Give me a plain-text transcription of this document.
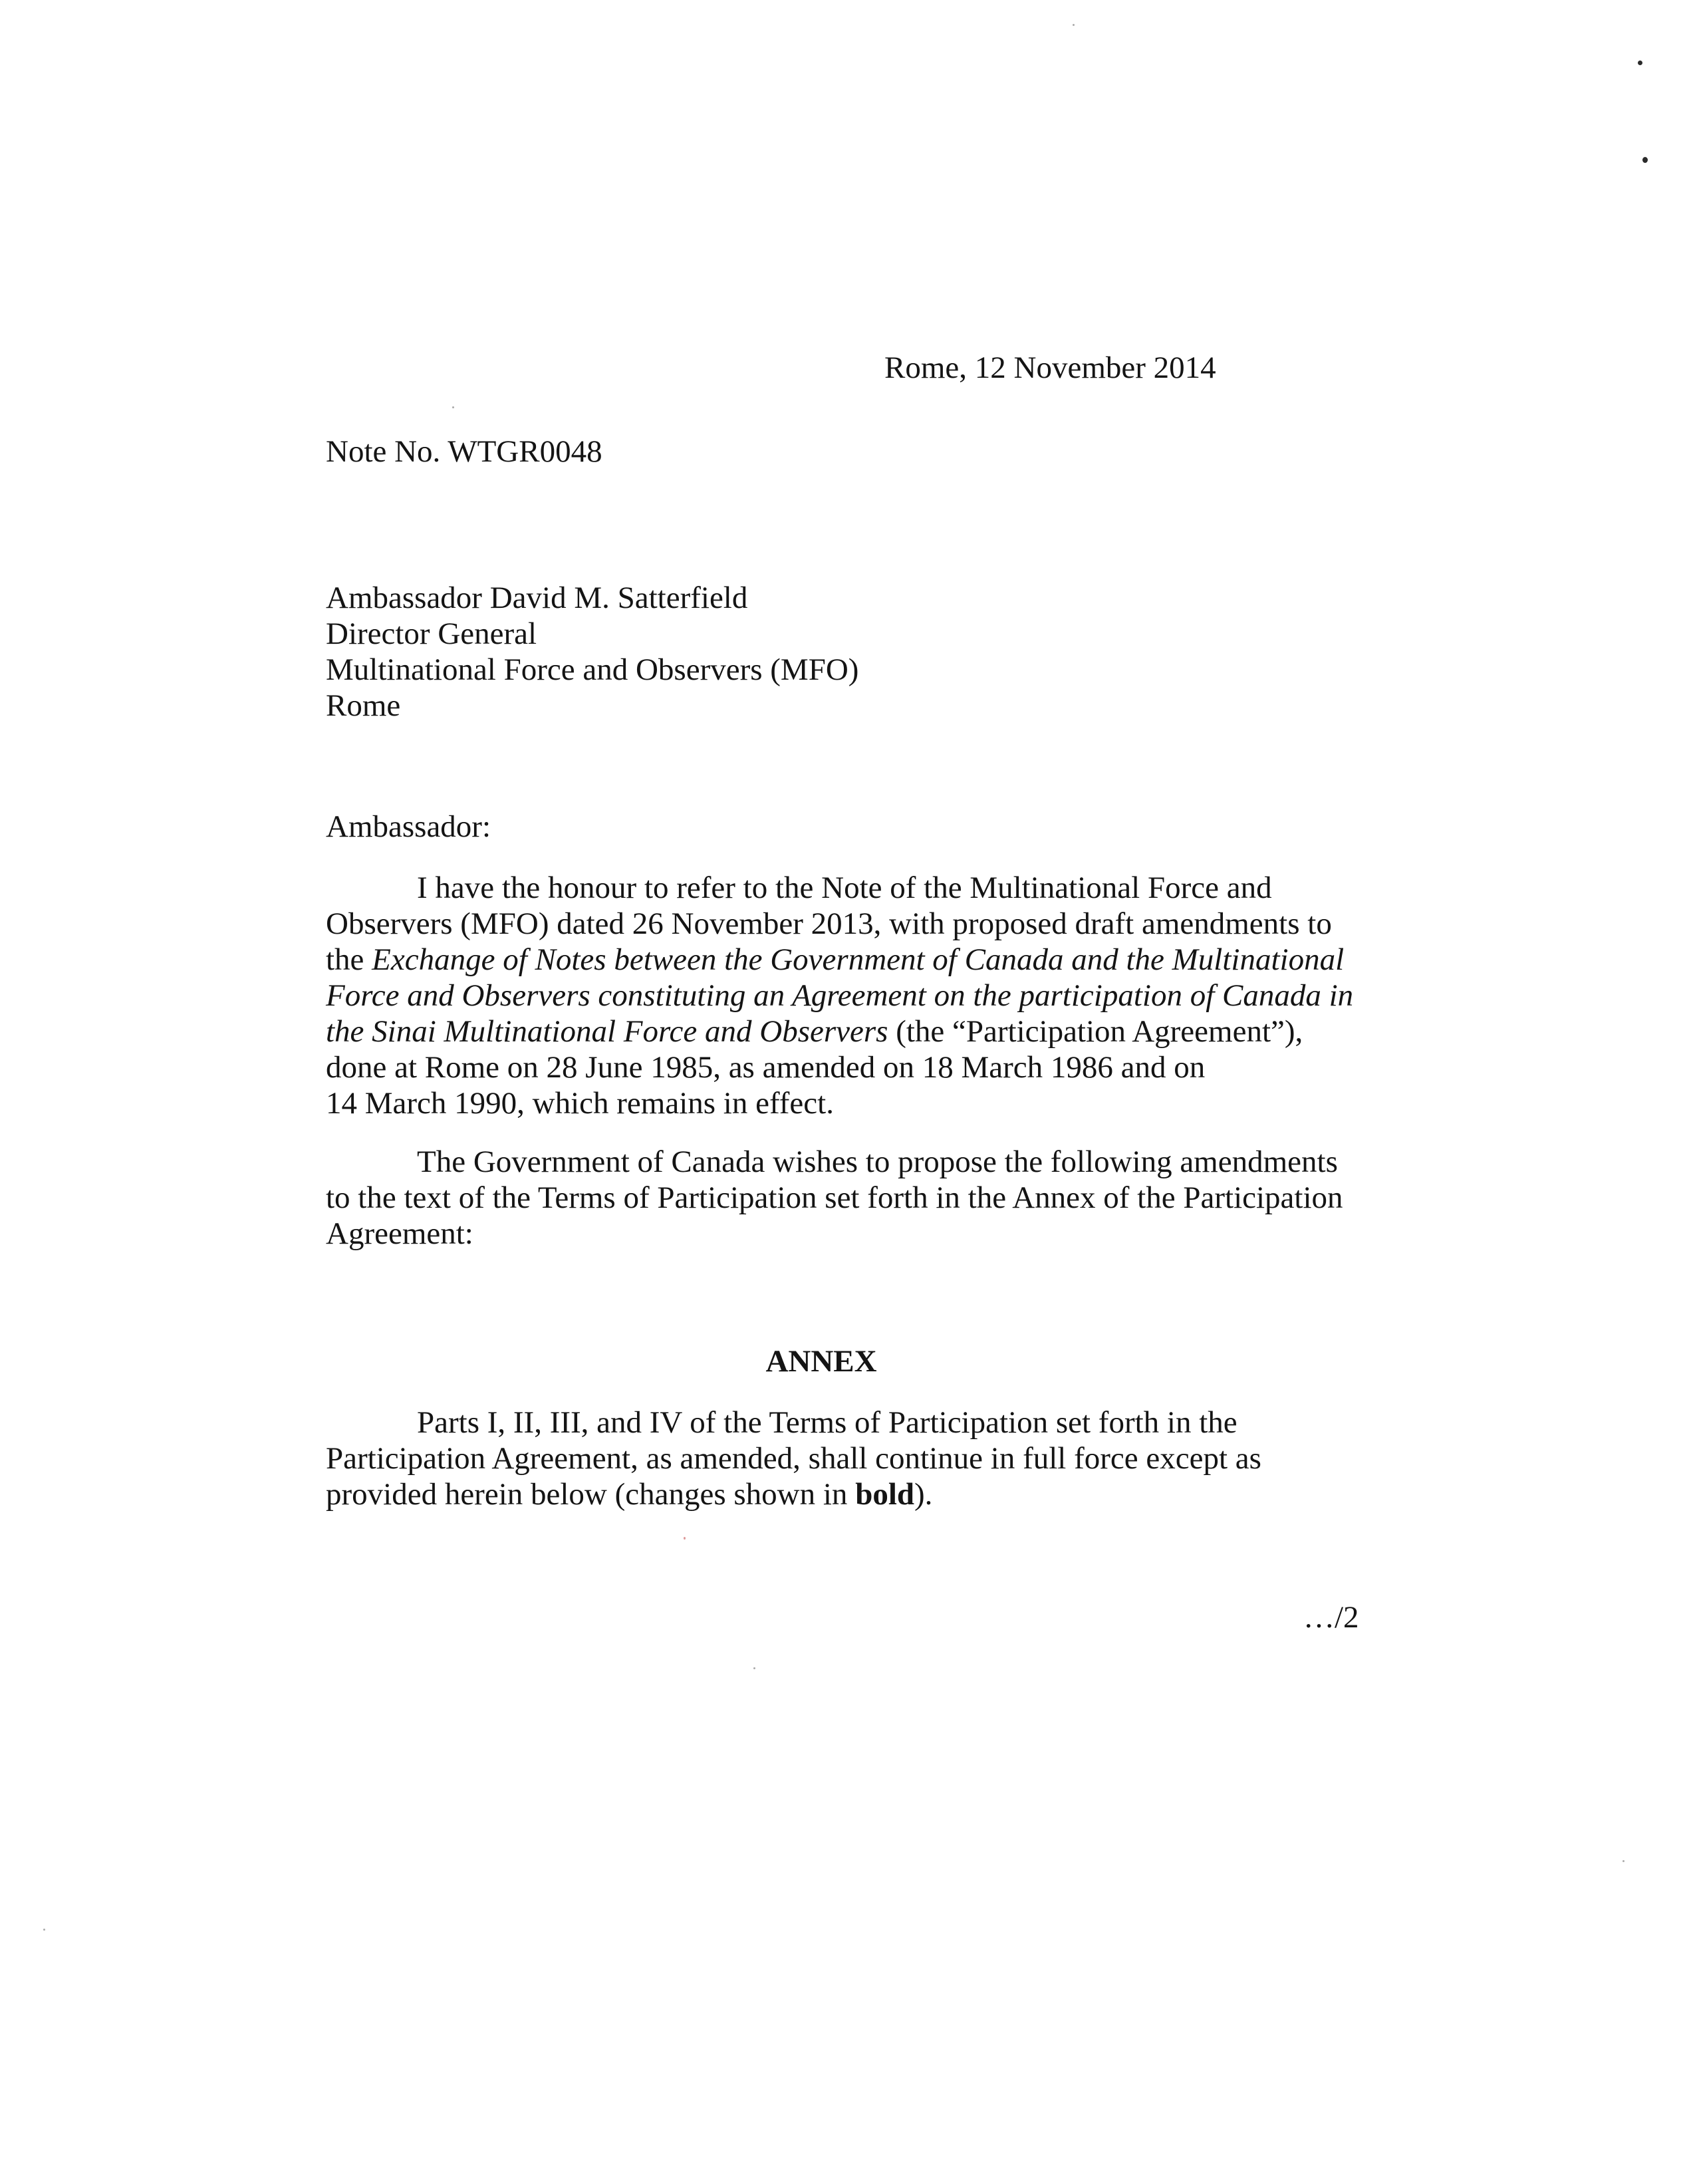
Rome, 12 November 2014
Note No. WTGR0048
Ambassador David M. Satterfield
Director General
Multinational Force and Observers (MFO)
Rome
Ambassador:
I have the honour to refer to the Note of the Multinational Force and
Observers (MFO) dated 26 November 2013, with proposed draft amendments to
the Exchange of Notes between the Government of Canada and the Multinational
Force and Observers constituting an Agreement on the participation of Canada in
the Sinai Multinational Force and Observers (the “Participation Agreement”),
done at Rome on 28 June 1985, as amended on 18 March 1986 and on
14 March 1990, which remains in effect.
The Government of Canada wishes to propose the following amendments
to the text of the Terms of Participation set forth in the Annex of the Participation
Agreement:
ANNEX
Parts I, II, III, and IV of the Terms of Participation set forth in the
Participation Agreement, as amended, shall continue in full force except as
provided herein below (changes shown in bold).
…/2
